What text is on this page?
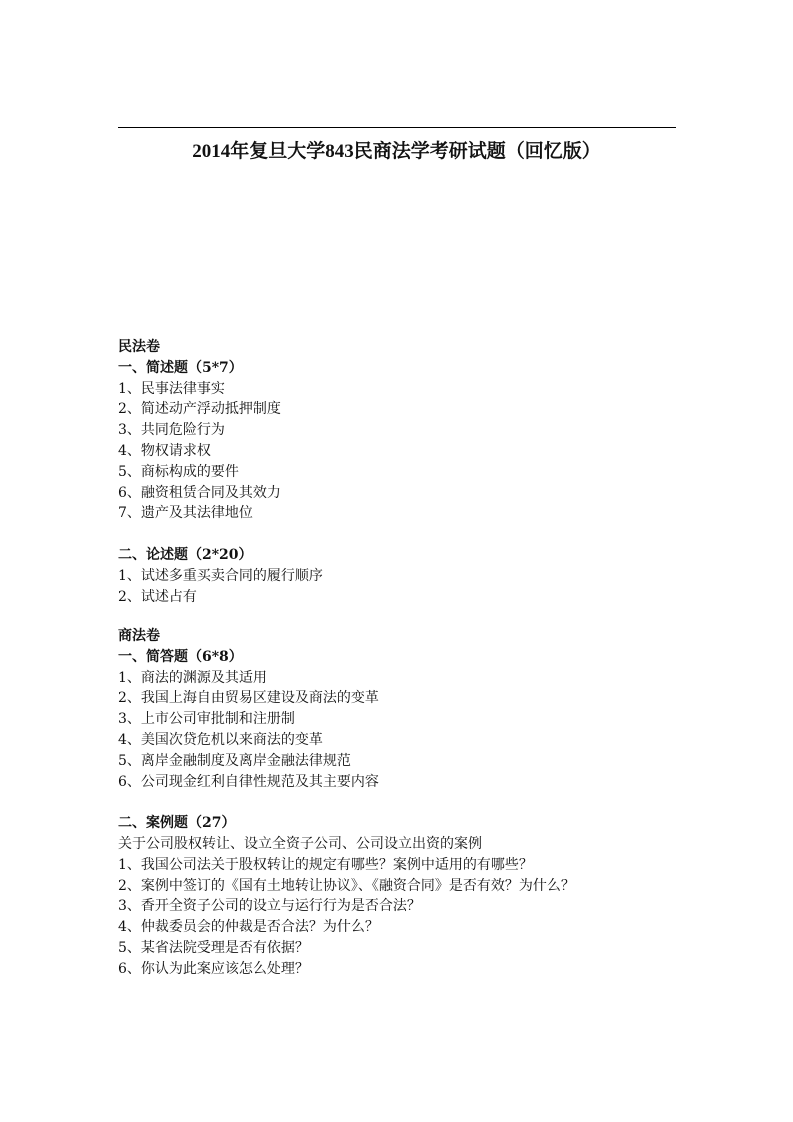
2014年复旦大学843民商法学考研试题（回忆版）
民法卷
一、简述题（5*7）
1、民事法律事实
2、简述动产浮动抵押制度
3、共同危险行为
4、物权请求权
5、商标构成的要件
6、融资租赁合同及其效力
7、遗产及其法律地位
二、论述题（2*20）
1、试述多重买卖合同的履行顺序
2、试述占有
商法卷
一、简答题（6*8）
1、商法的渊源及其适用
2、我国上海自由贸易区建设及商法的变革
3、上市公司审批制和注册制
4、美国次贷危机以来商法的变革
5、离岸金融制度及离岸金融法律规范
6、公司现金红利自律性规范及其主要内容
二、案例题（27）
关于公司股权转让、设立全资子公司、公司设立出资的案例
1、我国公司法关于股权转让的规定有哪些？案例中适用的有哪些？
2、案例中签订的《国有土地转让协议》、《融资合同》是否有效？为什么？
3、香开全资子公司的设立与运行行为是否合法？
4、仲裁委员会的仲裁是否合法？为什么？
5、某省法院受理是否有依据？
6、你认为此案应该怎么处理？
